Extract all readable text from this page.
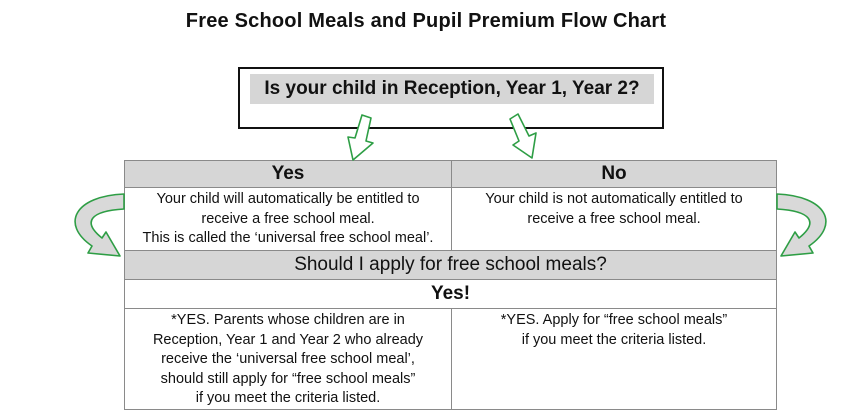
Free School Meals and Pupil Premium Flow Chart
Is your child in Reception, Year 1, Year 2?
Yes	No
Your child will automatically be entitled to
receive a free school meal.
This is called the ‘universal free school meal’.
Your child is not automatically entitled to
receive a free school meal.
Should I apply for free school meals?
Yes!
*YES. Parents whose children are in
Reception, Year 1 and Year 2 who already
receive the ‘universal free school meal’,
should still apply for “free school meals”
if you meet the criteria listed.
*YES. Apply for “free school meals”
if you meet the criteria listed.
